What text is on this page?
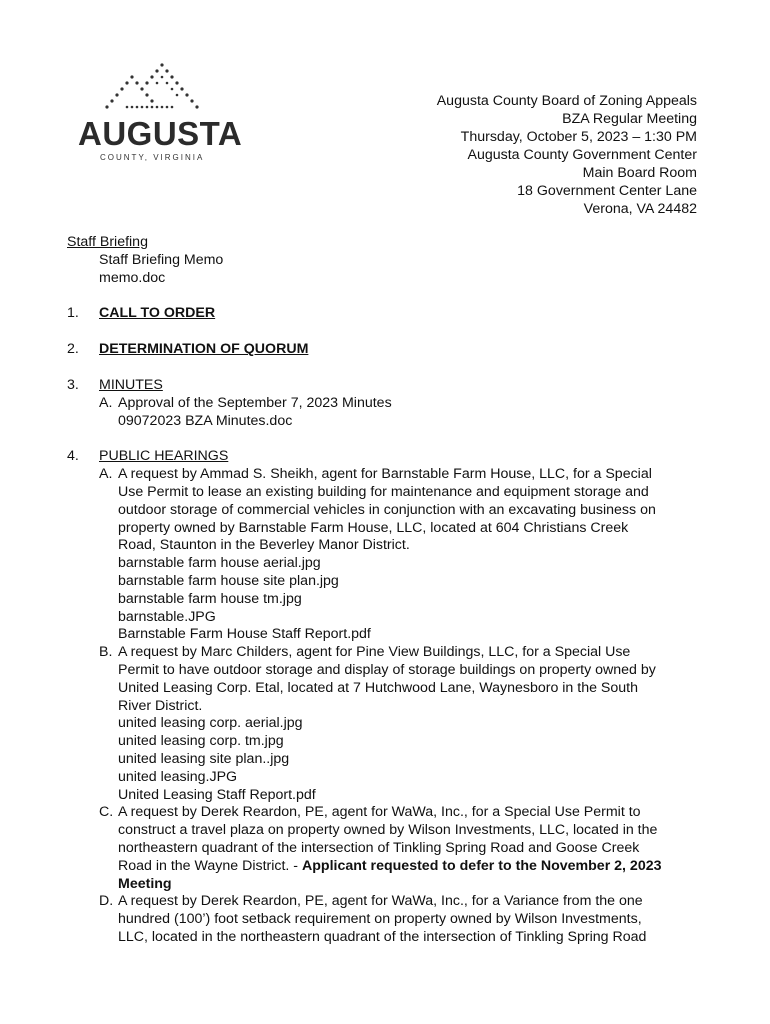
AUGUSTA
COUNTY, VIRGINIA
Augusta County Board of Zoning Appeals
BZA Regular Meeting
Thursday, October 5, 2023 – 1:30 PM
Augusta County Government Center
Main Board Room
18 Government Center Lane
Verona, VA 24482
Staff Briefing
Staff Briefing Memo
memo.doc
1. CALL TO ORDER
2. DETERMINATION OF QUORUM
3. MINUTES
A. Approval of the September 7, 2023 Minutes
09072023 BZA Minutes.doc
4. PUBLIC HEARINGS
A. A request by Ammad S. Sheikh, agent for Barnstable Farm House, LLC, for a Special
Use Permit to lease an existing building for maintenance and equipment storage and
outdoor storage of commercial vehicles in conjunction with an excavating business on
property owned by Barnstable Farm House, LLC, located at 604 Christians Creek
Road, Staunton in the Beverley Manor District.
barnstable farm house aerial.jpg
barnstable farm house site plan.jpg
barnstable farm house tm.jpg
barnstable.JPG
Barnstable Farm House Staff Report.pdf
B. A request by Marc Childers, agent for Pine View Buildings, LLC, for a Special Use
Permit to have outdoor storage and display of storage buildings on property owned by
United Leasing Corp. Etal, located at 7 Hutchwood Lane, Waynesboro in the South
River District.
united leasing corp. aerial.jpg
united leasing corp. tm.jpg
united leasing site plan..jpg
united leasing.JPG
United Leasing Staff Report.pdf
C. A request by Derek Reardon, PE, agent for WaWa, Inc., for a Special Use Permit to
construct a travel plaza on property owned by Wilson Investments, LLC, located in the
northeastern quadrant of the intersection of Tinkling Spring Road and Goose Creek
Road in the Wayne District. - Applicant requested to defer to the November 2, 2023
Meeting
D. A request by Derek Reardon, PE, agent for WaWa, Inc., for a Variance from the one
hundred (100’) foot setback requirement on property owned by Wilson Investments,
LLC, located in the northeastern quadrant of the intersection of Tinkling Spring Road
